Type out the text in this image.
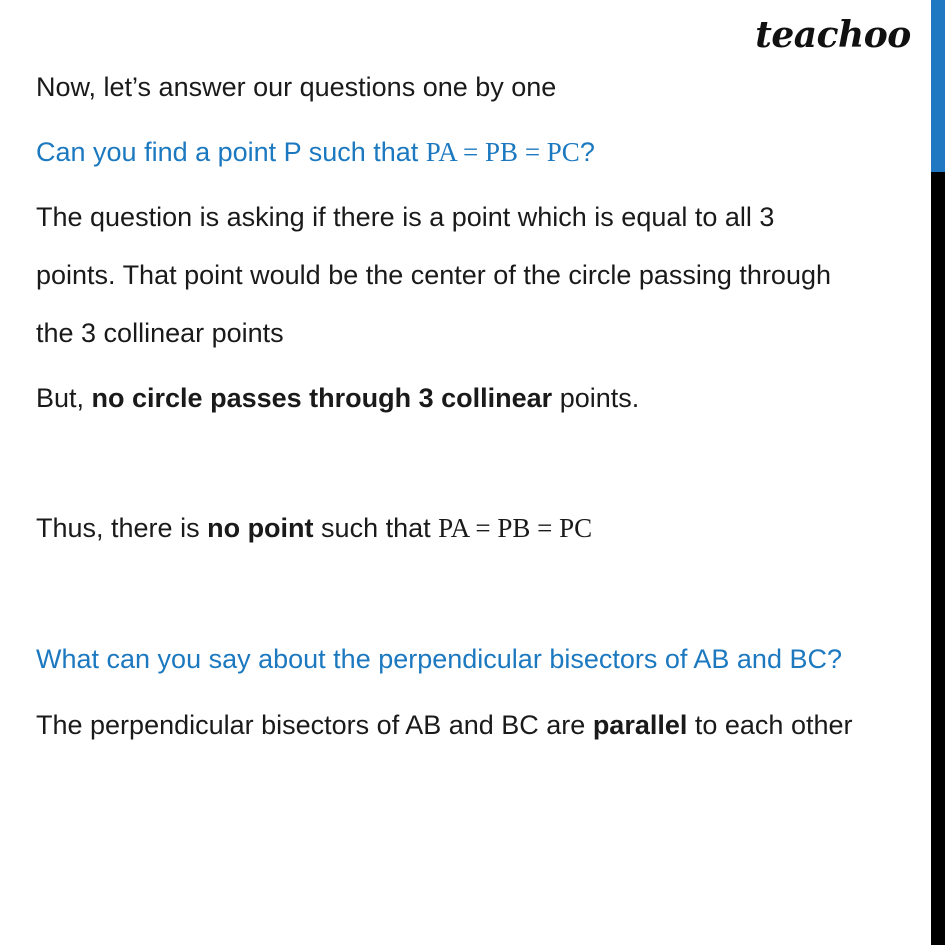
teachoo
Now, let’s answer our questions one by one
Can you find a point P such that PA = PB = PC?
The question is asking if there is a point which is equal to all 3
points. That point would be the center of the circle passing through
the 3 collinear points
But, no circle passes through 3 collinear points.
Thus, there is no point such that PA = PB = PC
What can you say about the perpendicular bisectors of AB and BC?
The perpendicular bisectors of AB and BC are parallel to each other
